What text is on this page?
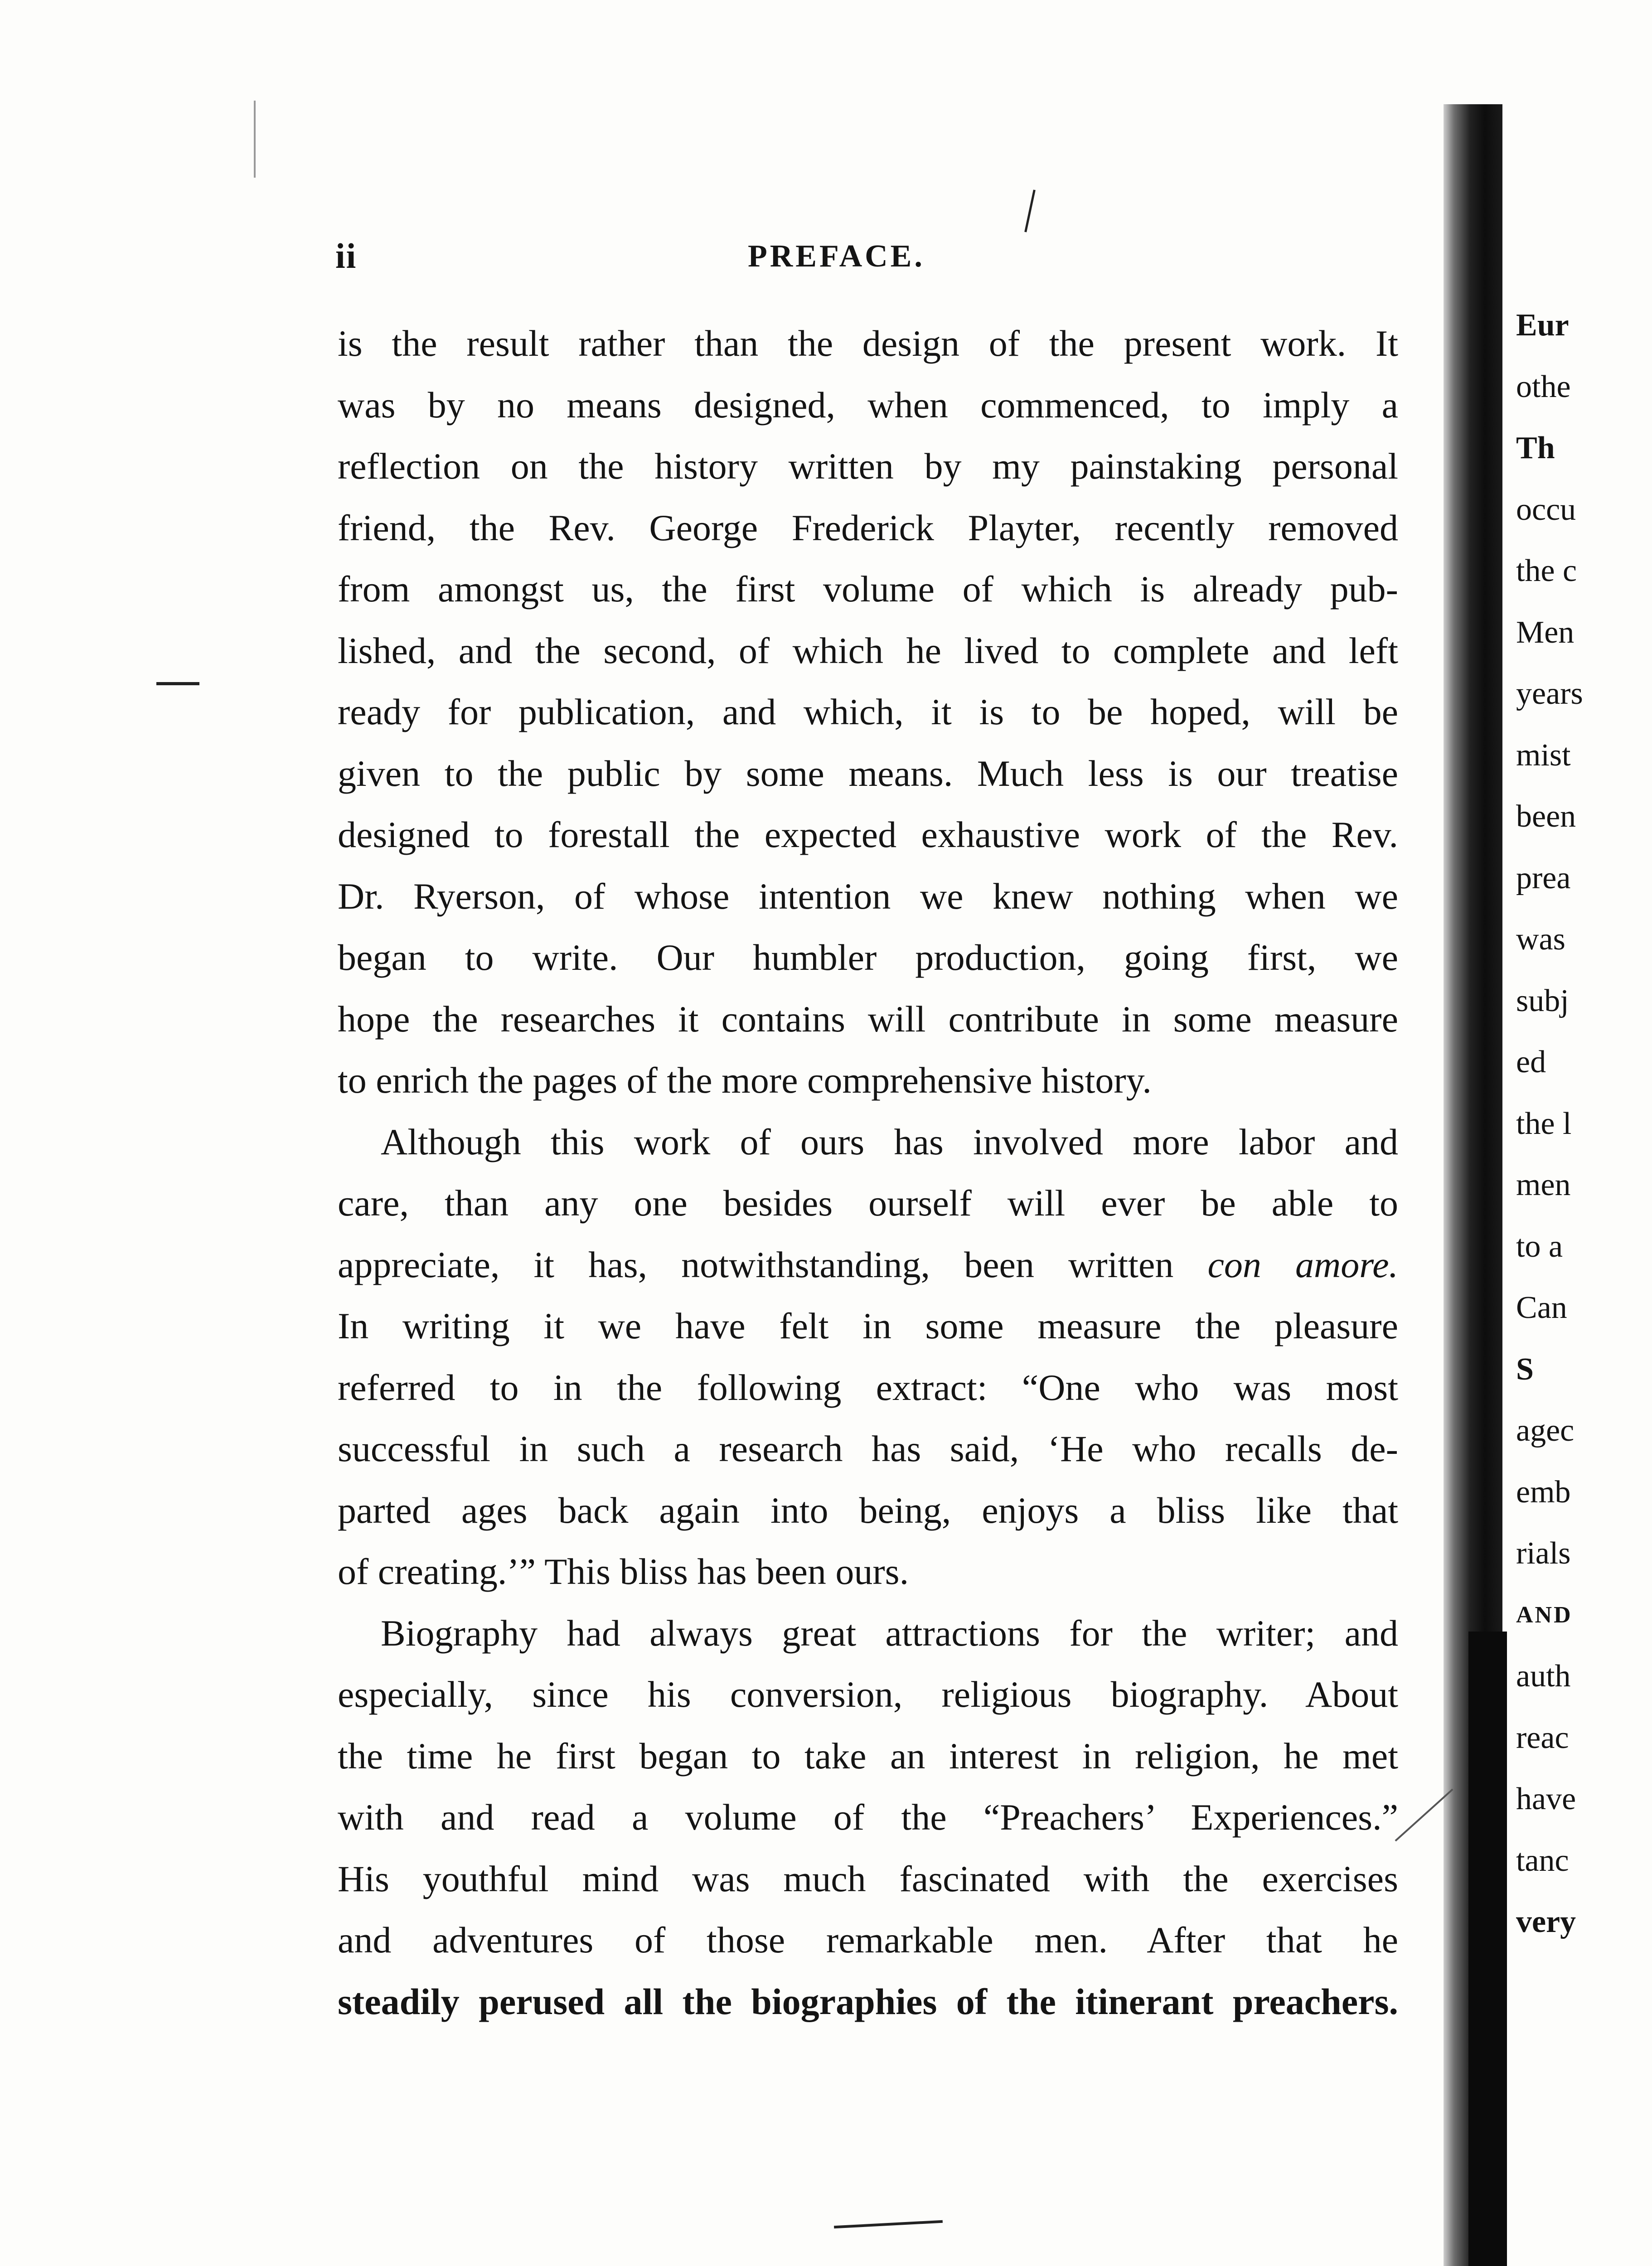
ii	PREFACE.
is the result rather than the design of the present work. It
was by no means designed, when commenced, to imply a
reflection on the history written by my painstaking personal
friend, the Rev. George Frederick Playter, recently removed
from amongst us, the first volume of which is already pub-
lished, and the second, of which he lived to complete and left
ready for publication, and which, it is to be hoped, will be
given to the public by some means. Much less is our treatise
designed to forestall the expected exhaustive work of the Rev.
Dr. Ryerson, of whose intention we knew nothing when we
began to write. Our humbler production, going first, we
hope the researches it contains will contribute in some measure
to enrich the pages of the more comprehensive history.
Although this work of ours has involved more labor and
care, than any one besides ourself will ever be able to
appreciate, it has, notwithstanding, been written con amore.
In writing it we have felt in some measure the pleasure
referred to in the following extract: “One who was most
successful in such a research has said, ‘He who recalls de-
parted ages back again into being, enjoys a bliss like that
of creating.’” This bliss has been ours.
Biography had always great attractions for the writer; and
especially, since his conversion, religious biography. About
the time he first began to take an interest in religion, he met
with and read a volume of the “Preachers’ Experiences.”
His youthful mind was much fascinated with the exercises
and adventures of those remarkable men. After that he
steadily perused all the biographies of the itinerant preachers.
Eur
othe
Th
occu
the c
Men
years
mist
been
prea
was
subj
ed
the l
men
to a
Can
S
agec
emb
rials
AND
auth
reac
have
tanc
very
